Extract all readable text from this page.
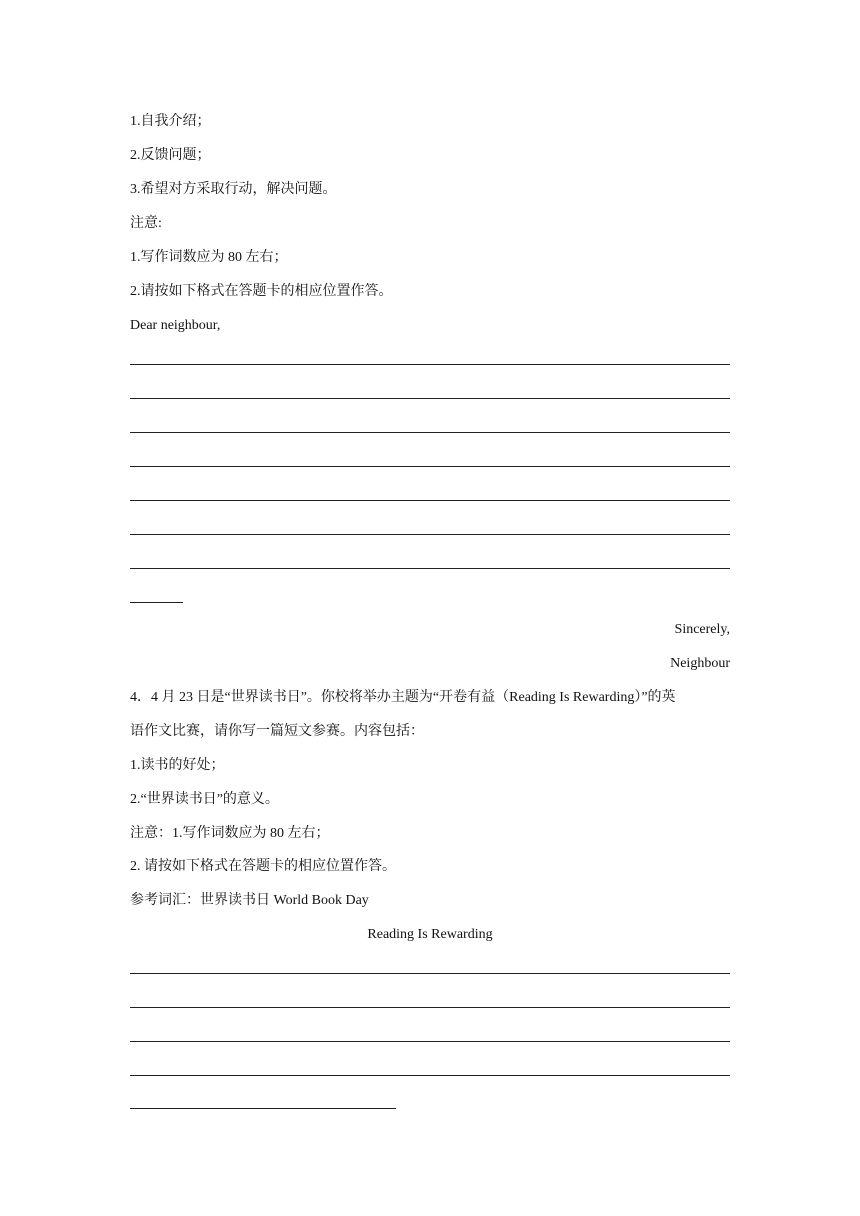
1.自我介绍；
2.反馈问题；
3.希望对方采取行动，解决问题。
注意:
1.写作词数应为 80 左右；
2.请按如下格式在答题卡的相应位置作答。
Dear neighbour,
Sincerely,
Neighbour
4．4 月 23 日是“世界读书日”。你校将举办主题为“开卷有益（Reading Is Rewarding）”的英
语作文比赛，请你写一篇短文参赛。内容包括：
1.读书的好处；
2.“世界读书日”的意义。
注意：1.写作词数应为 80 左右；
2. 请按如下格式在答题卡的相应位置作答。
参考词汇：世界读书日 World Book Day
Reading Is Rewarding
